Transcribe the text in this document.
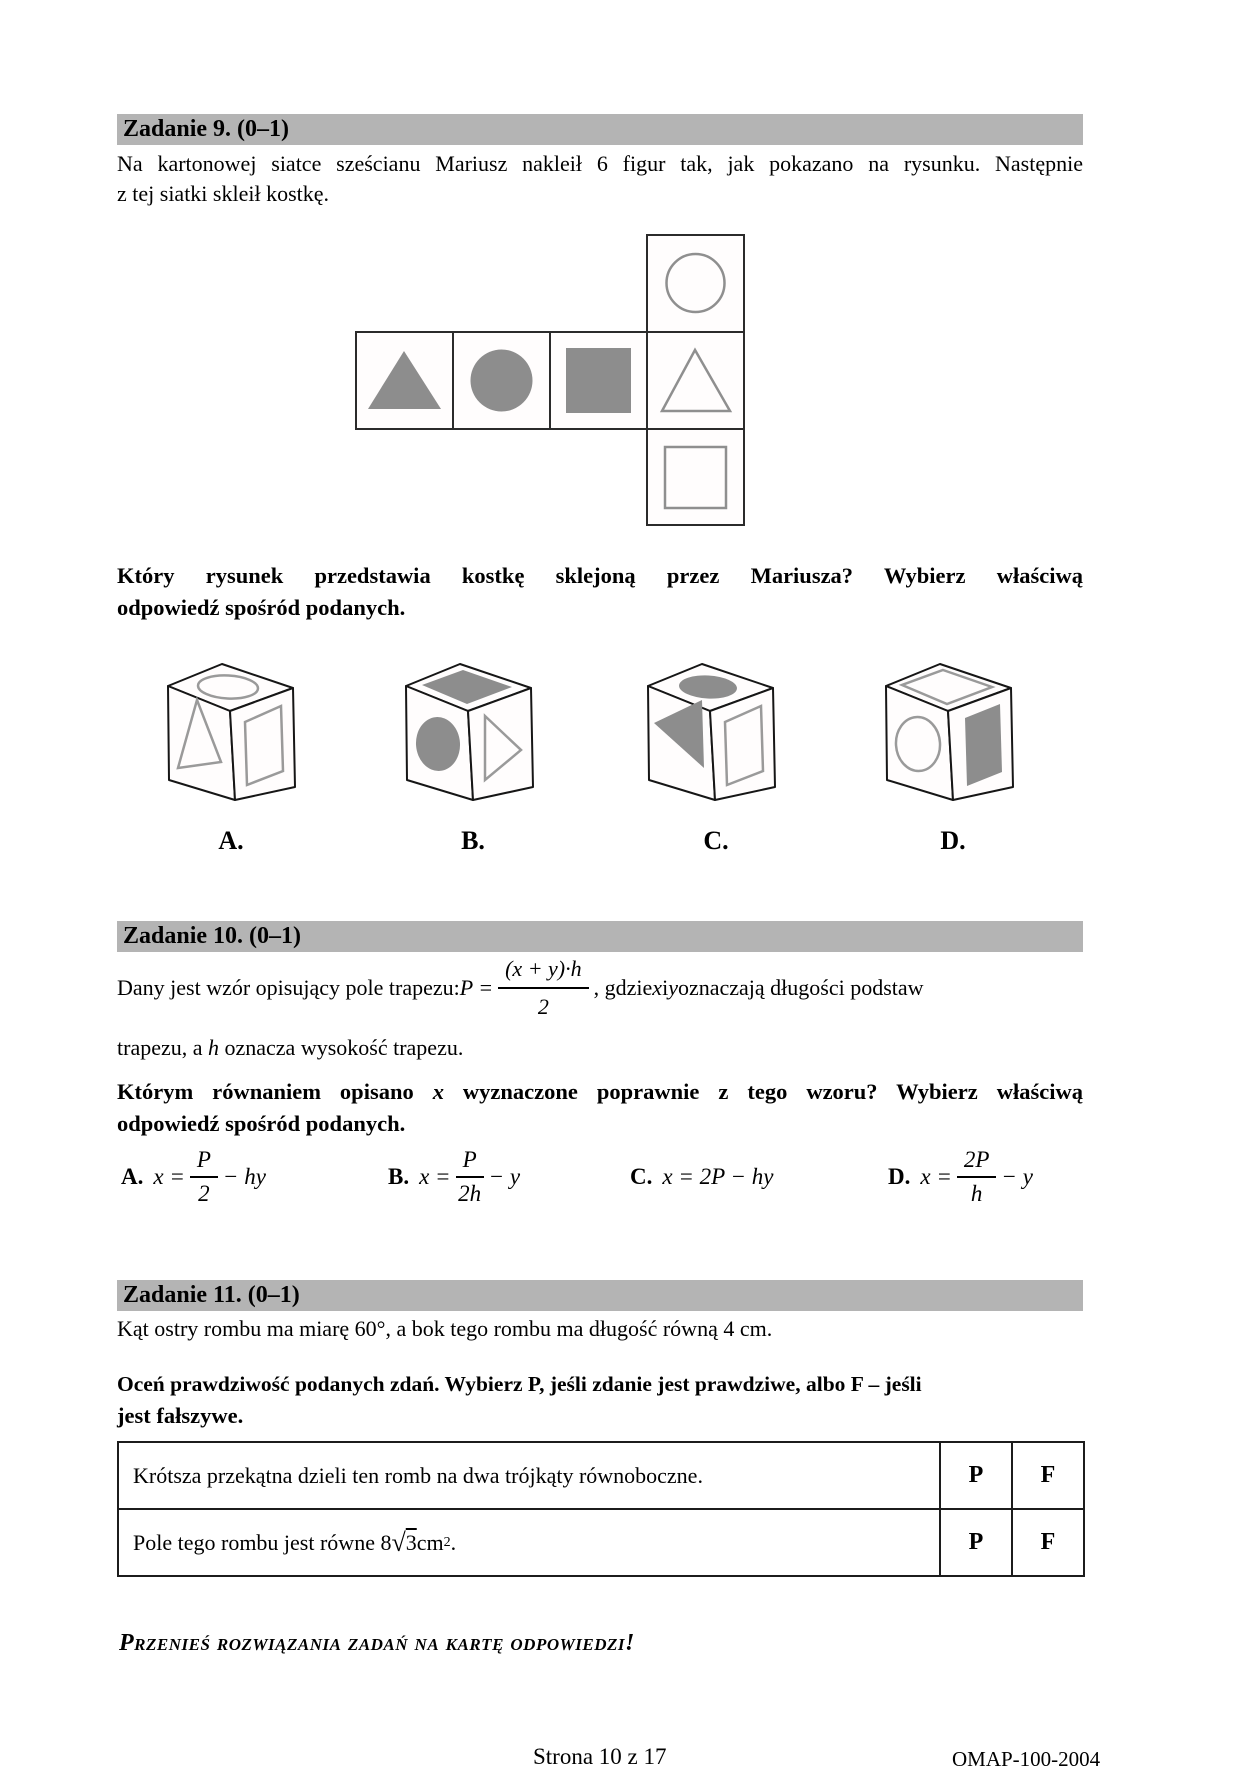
Zadanie 9. (0–1)
Na kartonowej siatce sześcianu Mariusz nakleił 6 figur tak, jak pokazano na rysunku. Następnie
z tej siatki skleił kostkę.
Który rysunek przedstawia kostkę sklejoną przez Mariusza? Wybierz właściwą
odpowiedź spośród podanych.
A.	B.	C.	D.
Zadanie 10. (0–1)
Dany jest wzór opisujący pole trapezu: $P = \frac{(x + y)\cdot h}{2}$ , gdzie x i y oznaczają długości podstaw
trapezu, a h oznacza wysokość trapezu.
Którym równaniem opisano x wyznaczone poprawnie z tego wzoru? Wybierz właściwą
odpowiedź spośród podanych.
A. $x = \frac{P}{2}$ − hy	B. $x = \frac{P}{2h} - y$	C. x = 2P − hy	D. $x = \frac{2P}{h} - y$
Zadanie 11. (0–1)
Kąt ostry rombu ma miarę 60°, a bok tego rombu ma długość równą 4 cm.
Oceń prawdziwość podanych zdań. Wybierz P, jeśli zdanie jest prawdziwe, albo F – jeśli
jest fałszywe.
Krótsza przekątna dzieli ten romb na dwa trójkąty równoboczne.	P	F
Pole tego rombu jest równe 8 √ 3 cm 2 .	P	F
Przenieś rozwiązania zadań na kartę odpowiedzi!
Strona 10 z 17	OMAP-100-2004
